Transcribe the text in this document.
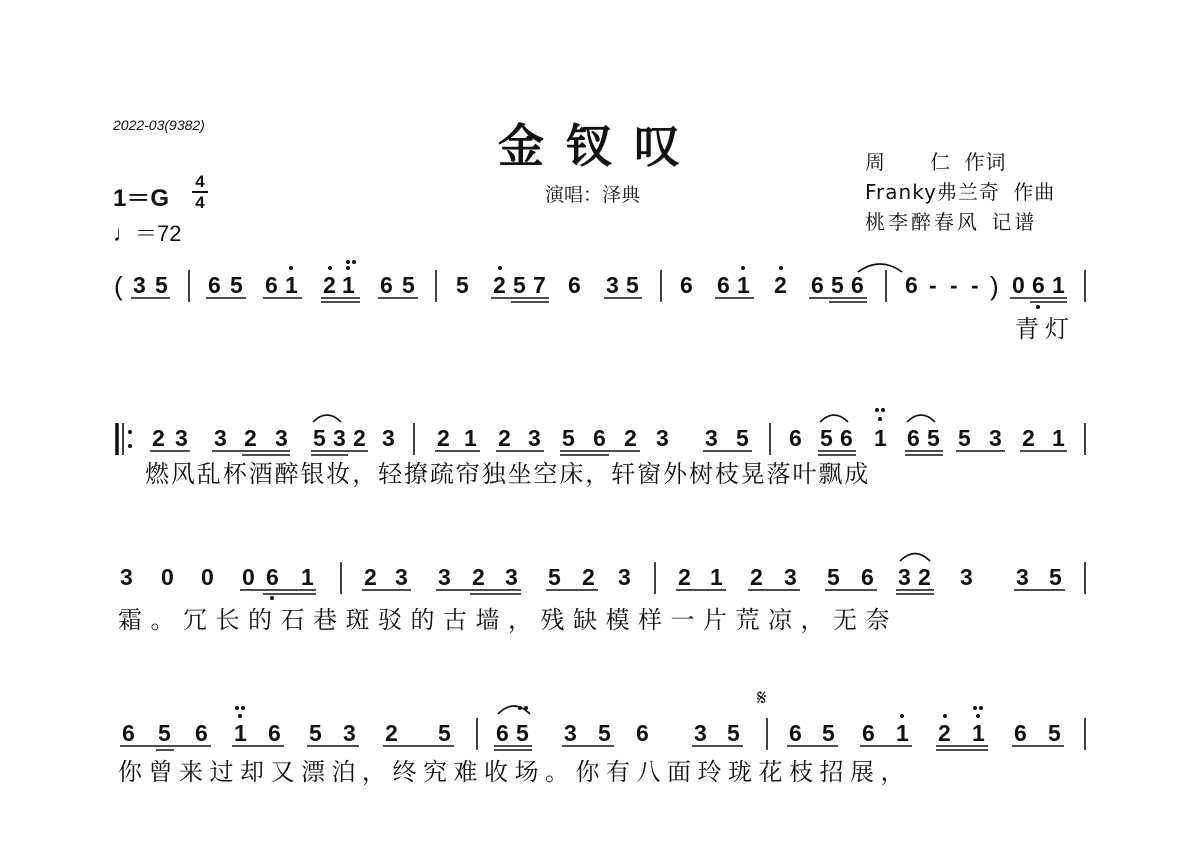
2022-03(9382)	金钗叹
演唱：泽典
周      仁 作词
Franky弗兰奇 作曲
桃李醉春风 记谱
1＝G
4
4
♩＝72
( 3 5 6 5 6 1 2 1 6 5 5 2 5 7 6 3 5 6 6 1 2 6 5 6 6 - - - ) 0 6 1
青灯
2 3 3 2 3 5 3 2 3 2 1 2 3 5 6 2 3 3 5 6 5 6 1 6 5 5 3 2 1
燃风乱杯酒醉银妆，轻撩疏帘独坐空床，轩窗外树枝晃落叶飘成
3 0 0 0 6 1 2 3 3 2 3 5 2 3 2 1 2 3 5 6 3 2 3 3 5
霜。冗长的石巷斑驳的古墙，残缺模样一片荒凉，无奈
𝄋
6 5 6 1 6 5 3 2 5 6 5 3 5 6 3 5 6 5 6 1 2 1 6 5
你曾来过却又漂泊，终究难收场。你有八面玲珑花枝招展，
